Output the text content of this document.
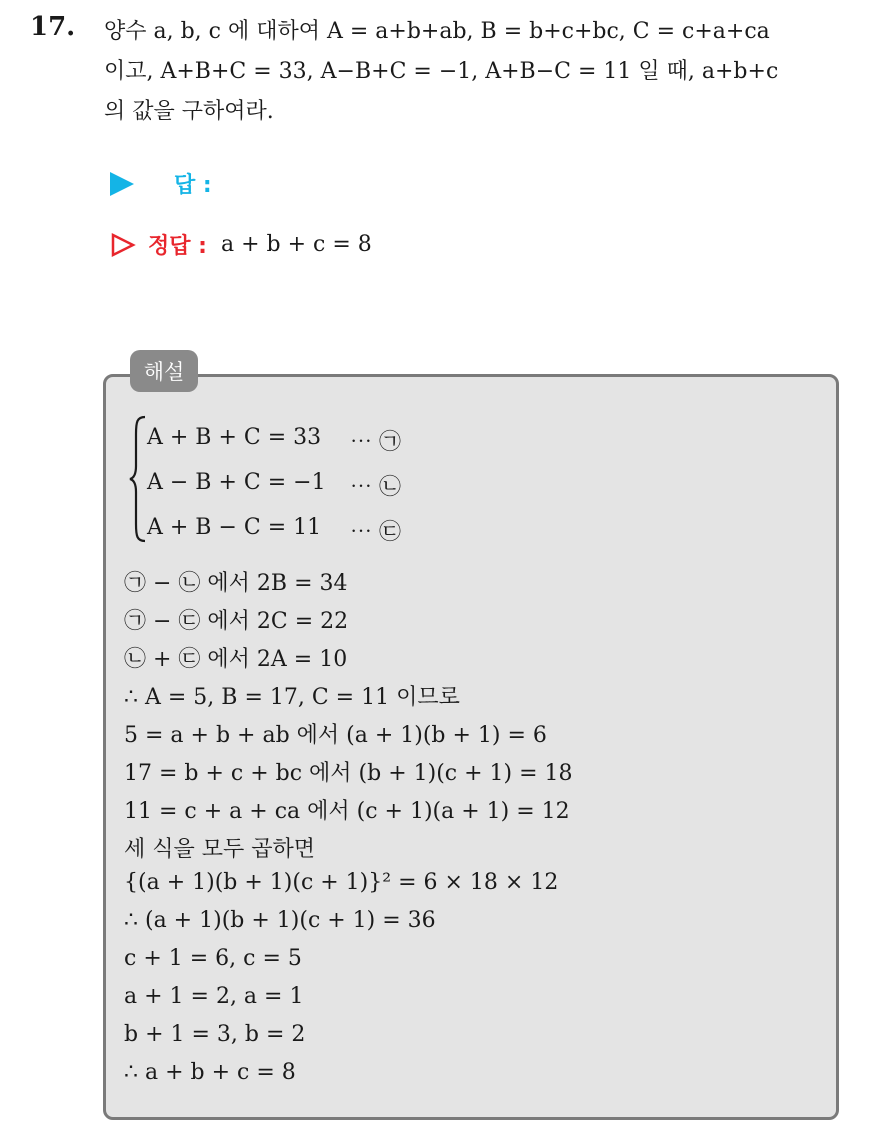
17. 양수 a, b, c 에 대하여 A = a+b+ab, B = b+c+bc, C = c+a+ca
이고, A+B+C = 33, A−B+C = −1, A+B−C = 11 일 때, a+b+c
의 값을 구하여라.
답 :
정답 : a + b + c = 8
해설
A + B + C = 33 ⋯ ㉠
A − B + C = −1 ⋯ ㉡
A + B − C = 11 ⋯ ㉢
㉠ − ㉡ 에서 2B = 34
㉠ − ㉢ 에서 2C = 22
㉡ + ㉢ 에서 2A = 10
∴ A = 5, B = 17, C = 11 이므로
5 = a + b + ab 에서 (a + 1)(b + 1) = 6
17 = b + c + bc 에서 (b + 1)(c + 1) = 18
11 = c + a + ca 에서 (c + 1)(a + 1) = 12
세 식을 모두 곱하면
{(a + 1)(b + 1)(c + 1)}² = 6 × 18 × 12
∴ (a + 1)(b + 1)(c + 1) = 36
c + 1 = 6, c = 5
a + 1 = 2, a = 1
b + 1 = 3, b = 2
∴ a + b + c = 8
